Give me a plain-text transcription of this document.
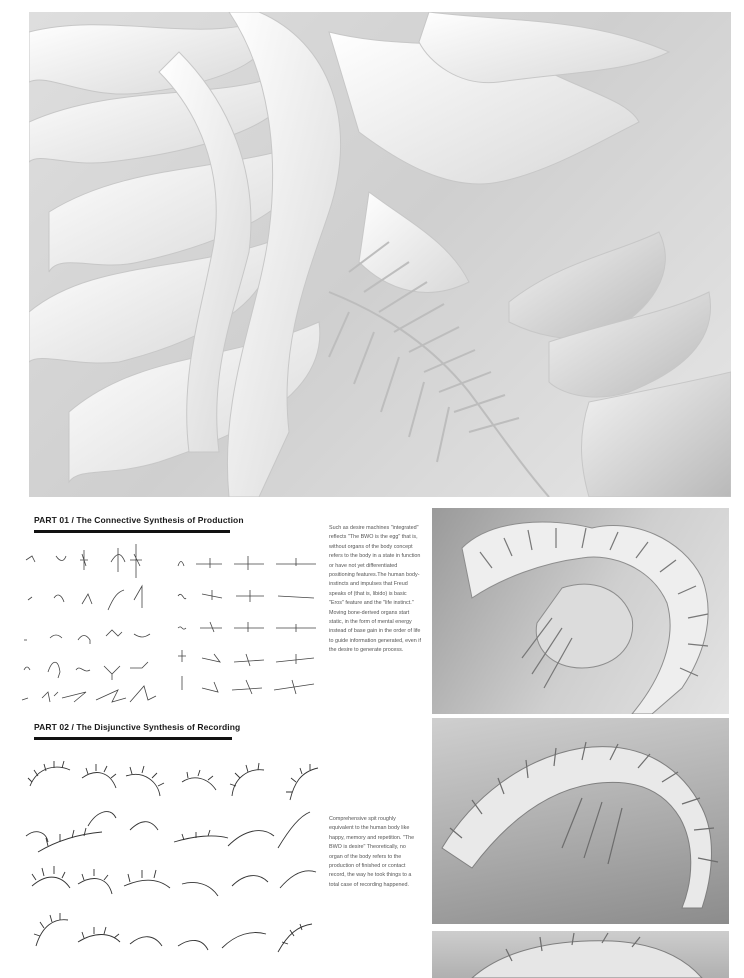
PART 01 / The Connective Synthesis of Production
Such as desire machines "integrated" reflects "The BWO is the egg" that is, without organs of the body concept refers to the body in a state in function or have not yet differentiated positioning features.The human body-instincts and impulses that Freud speaks of (that is, libido) is basic "Eros" feature and the "life instinct." Moving bone-derived organs start static, in the form of mental energy instead of base gain in the order of life to guide information generated, even if the desire to generate process.
PART 02 / The Disjunctive Synthesis of Recording
Comprehensive spit roughly equivalent to the human body like happy, memory and repetition. "The BWO is desire" Theoretically, no organ of the body refers to the production of finished or contact record, the way he took things to a total case of recording happened.
